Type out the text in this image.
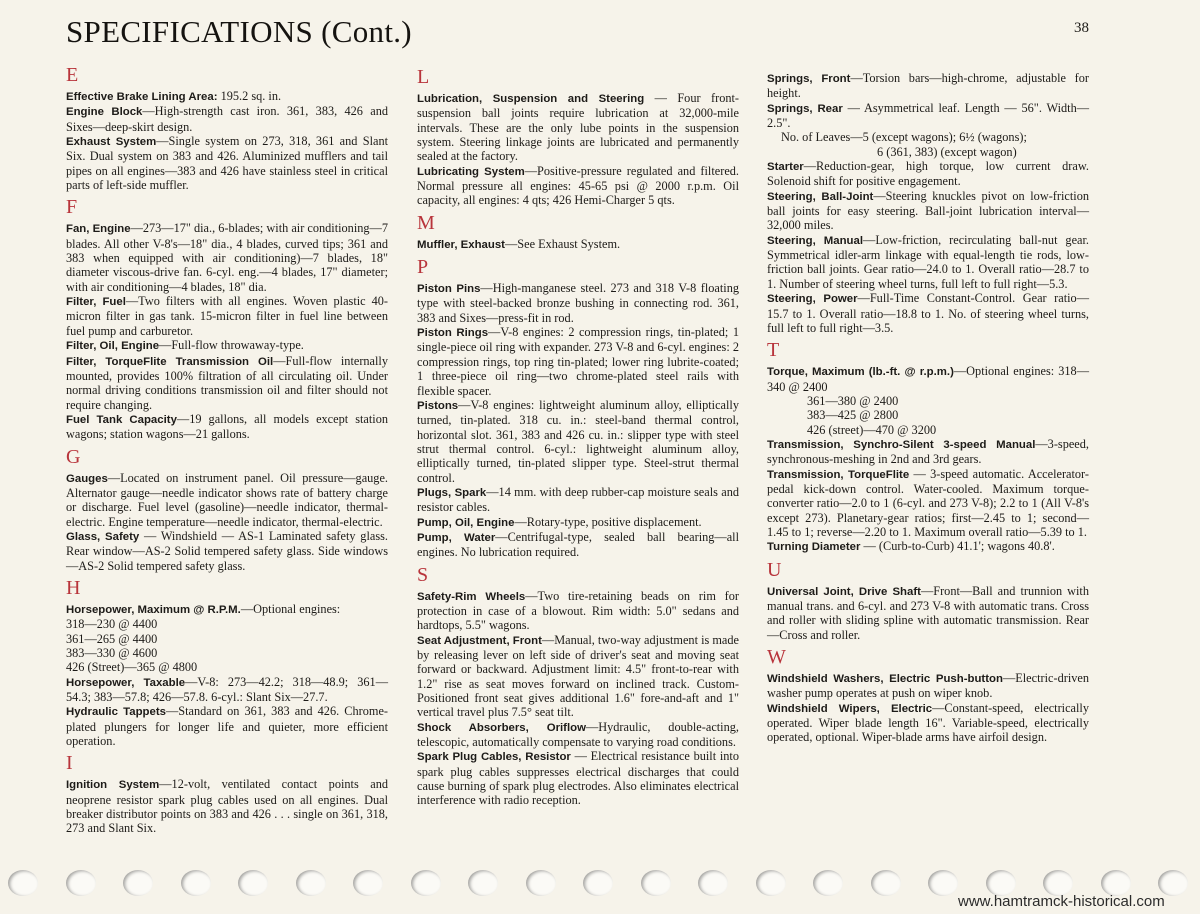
SPECIFICATIONS (Cont.)	38
E

Effective Brake Lining Area: 195.2 sq. in.

Engine Block—High-strength cast iron. 361, 383, 426 and Sixes—deep-skirt design.

Exhaust System—Single system on 273, 318, 361 and Slant Six. Dual system on 383 and 426. Aluminized mufflers and tail pipes on all engines—383 and 426 have stainless steel in critical parts of left-side muffler.

F

Fan, Engine—273—17" dia., 6-blades; with air conditioning—7 blades. All other V-8's—18" dia., 4 blades, curved tips; 361 and 383 when equipped with air conditioning)—7 blades, 18" diameter viscous-drive fan. 6-cyl. eng.—4 blades, 17" diameter; with air conditioning—4 blades, 18" dia.

Filter, Fuel—Two filters with all engines. Woven plastic 40-micron filter in gas tank. 15-micron filter in fuel line between fuel pump and carburetor.

Filter, Oil, Engine—Full-flow throwaway-type.

Filter, TorqueFlite Transmission Oil—Full-flow internally mounted, provides 100% filtration of all circulating oil. Under normal driving conditions transmission oil and filter should not require changing.

Fuel Tank Capacity—19 gallons, all models except station wagons; station wagons—21 gallons.

G

Gauges—Located on instrument panel. Oil pressure—gauge. Alternator gauge—needle indicator shows rate of battery charge or discharge. Fuel level (gasoline)—needle indicator, thermal-electric. Engine temperature—needle indicator, thermal-electric.

Glass, Safety — Windshield — AS-1 Laminated safety glass. Rear window—AS-2 Solid tempered safety glass. Side windows—AS-2 Solid tempered safety glass.

H

Horsepower, Maximum @ R.P.M.—Optional engines:

318—230 @ 4400

361—265 @ 4400

383—330 @ 4600

426 (Street)—365 @ 4800

Horsepower, Taxable—V-8: 273—42.2; 318—48.9; 361—54.3; 383—57.8; 426—57.8. 6-cyl.: Slant Six—27.7.

Hydraulic Tappets—Standard on 361, 383 and 426. Chrome-plated plungers for longer life and quieter, more efficient operation.

I

Ignition System—12-volt, ventilated contact points and neoprene resistor spark plug cables used on all engines. Dual breaker distributor points on 383 and 426 . . . single on 361, 318, 273 and Slant Six.

L

Lubrication, Suspension and Steering — Four front-suspension ball joints require lubrication at 32,000-mile intervals. These are the only lube points in the suspension system. Steering linkage joints are lubricated and permanently sealed at the factory.

Lubricating System—Positive-pressure regulated and filtered. Normal pressure all engines: 45-65 psi @ 2000 r.p.m. Oil capacity, all engines: 4 qts; 426 Hemi-Charger 5 qts.

M

Muffler, Exhaust—See Exhaust System.

P

Piston Pins—High-manganese steel. 273 and 318 V-8 floating type with steel-backed bronze bushing in connecting rod. 361, 383 and Sixes—press-fit in rod.

Piston Rings—V-8 engines: 2 compression rings, tin-plated; 1 single-piece oil ring with expander. 273 V-8 and 6-cyl. engines: 2 compression rings, top ring tin-plated; lower ring lubrite-coated; 1 three-piece oil ring—two chrome-plated steel rails with flexible spacer.

Pistons—V-8 engines: lightweight aluminum alloy, elliptically turned, tin-plated. 318 cu. in.: steel-band thermal control, horizontal slot. 361, 383 and 426 cu. in.: slipper type with steel strut thermal control. 6-cyl.: lightweight aluminum alloy, elliptically turned, tin-plated slipper type. Steel-strut thermal control.

Plugs, Spark—14 mm. with deep rubber-cap moisture seals and resistor cables.

Pump, Oil, Engine—Rotary-type, positive displacement.

Pump, Water—Centrifugal-type, sealed ball bearing—all engines. No lubrication required.

S

Safety-Rim Wheels—Two tire-retaining beads on rim for protection in case of a blowout. Rim width: 5.0" sedans and hardtops, 5.5" wagons.

Seat Adjustment, Front—Manual, two-way adjustment is made by releasing lever on left side of driver's seat and moving seat forward or backward. Adjustment limit: 4.5" front-to-rear with 1.2" rise as seat moves forward on inclined track. Custom-Positioned front seat gives additional 1.6" fore-and-aft and 1" vertical travel plus 7.5° seat tilt.

Shock Absorbers, Oriflow—Hydraulic, double-acting, telescopic, automatically compensate to varying road conditions.

Spark Plug Cables, Resistor — Electrical resistance built into spark plug cables suppresses electrical discharges that could cause burning of spark plug electrodes. Also eliminates electrical interference with radio reception.

Springs, Front—Torsion bars—high-chrome, adjustable for height.

Springs, Rear — Asymmetrical leaf. Length — 56". Width—2.5".

No. of Leaves—5 (except wagons); 6½ (wagons);

6 (361, 383) (except wagon)

Starter—Reduction-gear, high torque, low current draw. Solenoid shift for positive engagement.

Steering, Ball-Joint—Steering knuckles pivot on low-friction ball joints for easy steering. Ball-joint lubrication interval—32,000 miles.

Steering, Manual—Low-friction, recirculating ball-nut gear. Symmetrical idler-arm linkage with equal-length tie rods, low-friction ball joints. Gear ratio—24.0 to 1. Overall ratio—28.7 to 1. Number of steering wheel turns, full left to full right—5.3.

Steering, Power—Full-Time Constant-Control. Gear ratio—15.7 to 1. Overall ratio—18.8 to 1. No. of steering wheel turns, full left to full right—3.5.

T

Torque, Maximum (lb.-ft. @ r.p.m.)—Optional engines: 318—340 @ 2400

361—380 @ 2400

383—425 @ 2800

426 (street)—470 @ 3200

Transmission, Synchro-Silent 3-speed Manual—3-speed, synchronous-meshing in 2nd and 3rd gears.

Transmission, TorqueFlite — 3-speed automatic. Accelerator-pedal kick-down control. Water-cooled. Maximum torque-converter ratio—2.0 to 1 (6-cyl. and 273 V-8); 2.2 to 1 (All V-8's except 273). Planetary-gear ratios; first—2.45 to 1; second—1.45 to 1; reverse—2.20 to 1. Maximum overall ratio—5.39 to 1.

Turning Diameter — (Curb-to-Curb) 41.1'; wagons 40.8'.

U

Universal Joint, Drive Shaft—Front—Ball and trunnion with manual trans. and 6-cyl. and 273 V-8 with automatic trans. Cross and roller with sliding spline with automatic transmission. Rear—Cross and roller.

W

Windshield Washers, Electric Push-button—Electric-driven washer pump operates at push on wiper knob.

Windshield Wipers, Electric—Constant-speed, electrically operated. Wiper blade length 16". Variable-speed, electrically operated, optional. Wiper-blade arms have airfoil design.

www.hamtramck-historical.com
